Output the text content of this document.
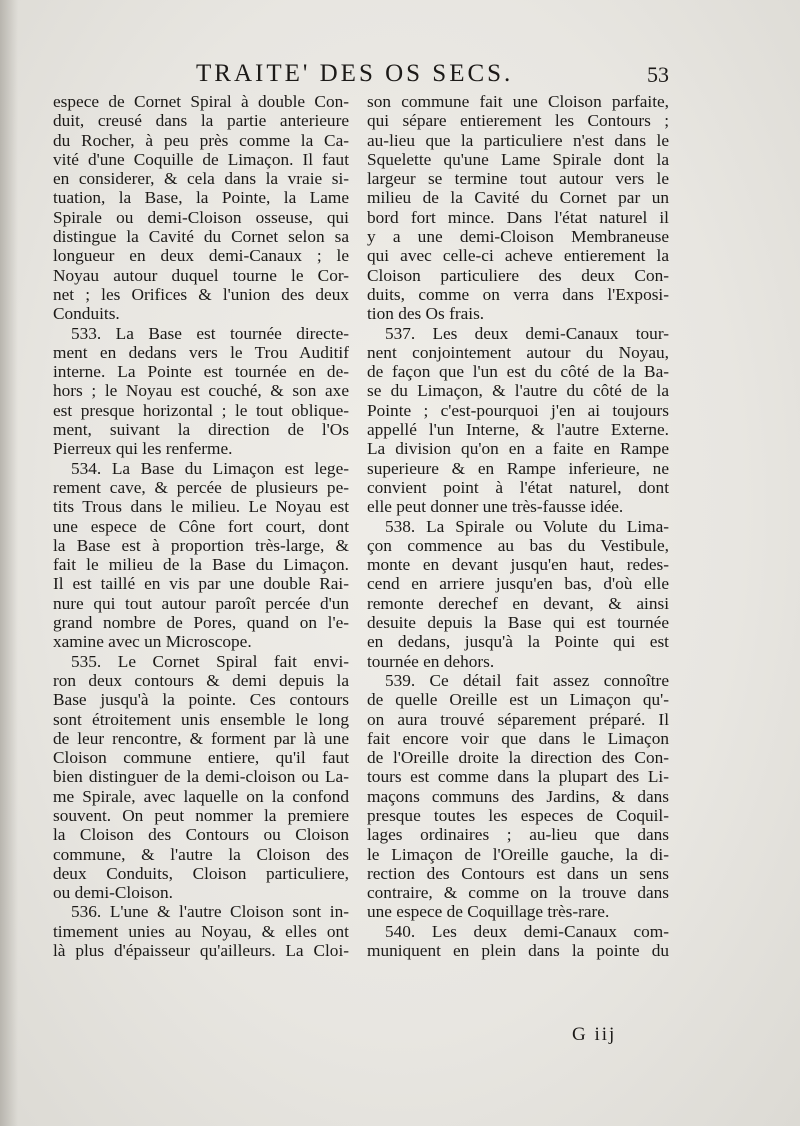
TRAITE' DES OS SECS.	53
espece de Cornet Spiral à double Con-
duit, creusé dans la partie anterieure
du Rocher, à peu près comme la Ca-
vité d'une Coquille de Limaçon. Il faut
en considerer, & cela dans la vraie si-
tuation, la Base, la Pointe, la Lame
Spirale ou demi-Cloison osseuse, qui
distingue la Cavité du Cornet selon sa
longueur en deux demi-Canaux ; le
Noyau autour duquel tourne le Cor-
net ; les Orifices & l'union des deux
Conduits.
533. La Base est tournée directe-
ment en dedans vers le Trou Auditif
interne. La Pointe est tournée en de-
hors ; le Noyau est couché, & son axe
est presque horizontal ; le tout oblique-
ment, suivant la direction de l'Os
Pierreux qui les renferme.
534. La Base du Limaçon est lege-
rement cave, & percée de plusieurs pe-
tits Trous dans le milieu. Le Noyau est
une espece de Cône fort court, dont
la Base est à proportion très-large, &
fait le milieu de la Base du Limaçon.
Il est taillé en vis par une double Rai-
nure qui tout autour paroît percée d'un
grand nombre de Pores, quand on l'e-
xamine avec un Microscope.
535. Le Cornet Spiral fait envi-
ron deux contours & demi depuis la
Base jusqu'à la pointe. Ces contours
sont étroitement unis ensemble le long
de leur rencontre, & forment par là une
Cloison commune entiere, qu'il faut
bien distinguer de la demi-cloison ou La-
me Spirale, avec laquelle on la confond
souvent. On peut nommer la premiere
la Cloison des Contours ou Cloison
commune, & l'autre la Cloison des
deux Conduits, Cloison particuliere,
ou demi-Cloison.
536. L'une & l'autre Cloison sont in-
timement unies au Noyau, & elles ont
là plus d'épaisseur qu'ailleurs. La Cloi-
son commune fait une Cloison parfaite,
qui sépare entierement les Contours ;
au-lieu que la particuliere n'est dans le
Squelette qu'une Lame Spirale dont la
largeur se termine tout autour vers le
milieu de la Cavité du Cornet par un
bord fort mince. Dans l'état naturel il
y a une demi-Cloison Membraneuse
qui avec celle-ci acheve entierement la
Cloison particuliere des deux Con-
duits, comme on verra dans l'Exposi-
tion des Os frais.
537. Les deux demi-Canaux tour-
nent conjointement autour du Noyau,
de façon que l'un est du côté de la Ba-
se du Limaçon, & l'autre du côté de la
Pointe ; c'est-pourquoi j'en ai toujours
appellé l'un Interne, & l'autre Externe.
La division qu'on en a faite en Rampe
superieure & en Rampe inferieure, ne
convient point à l'état naturel, dont
elle peut donner une très-fausse idée.
538. La Spirale ou Volute du Lima-
çon commence au bas du Vestibule,
monte en devant jusqu'en haut, redes-
cend en arriere jusqu'en bas, d'où elle
remonte derechef en devant, & ainsi
desuite depuis la Base qui est tournée
en dedans, jusqu'à la Pointe qui est
tournée en dehors.
539. Ce détail fait assez connoître
de quelle Oreille est un Limaçon qu'-
on aura trouvé séparement préparé. Il
fait encore voir que dans le Limaçon
de l'Oreille droite la direction des Con-
tours est comme dans la plupart des Li-
maçons communs des Jardins, & dans
presque toutes les especes de Coquil-
lages ordinaires ; au-lieu que dans
le Limaçon de l'Oreille gauche, la di-
rection des Contours est dans un sens
contraire, & comme on la trouve dans
une espece de Coquillage très-rare.
540. Les deux demi-Canaux com-
muniquent en plein dans la pointe du
G iij
